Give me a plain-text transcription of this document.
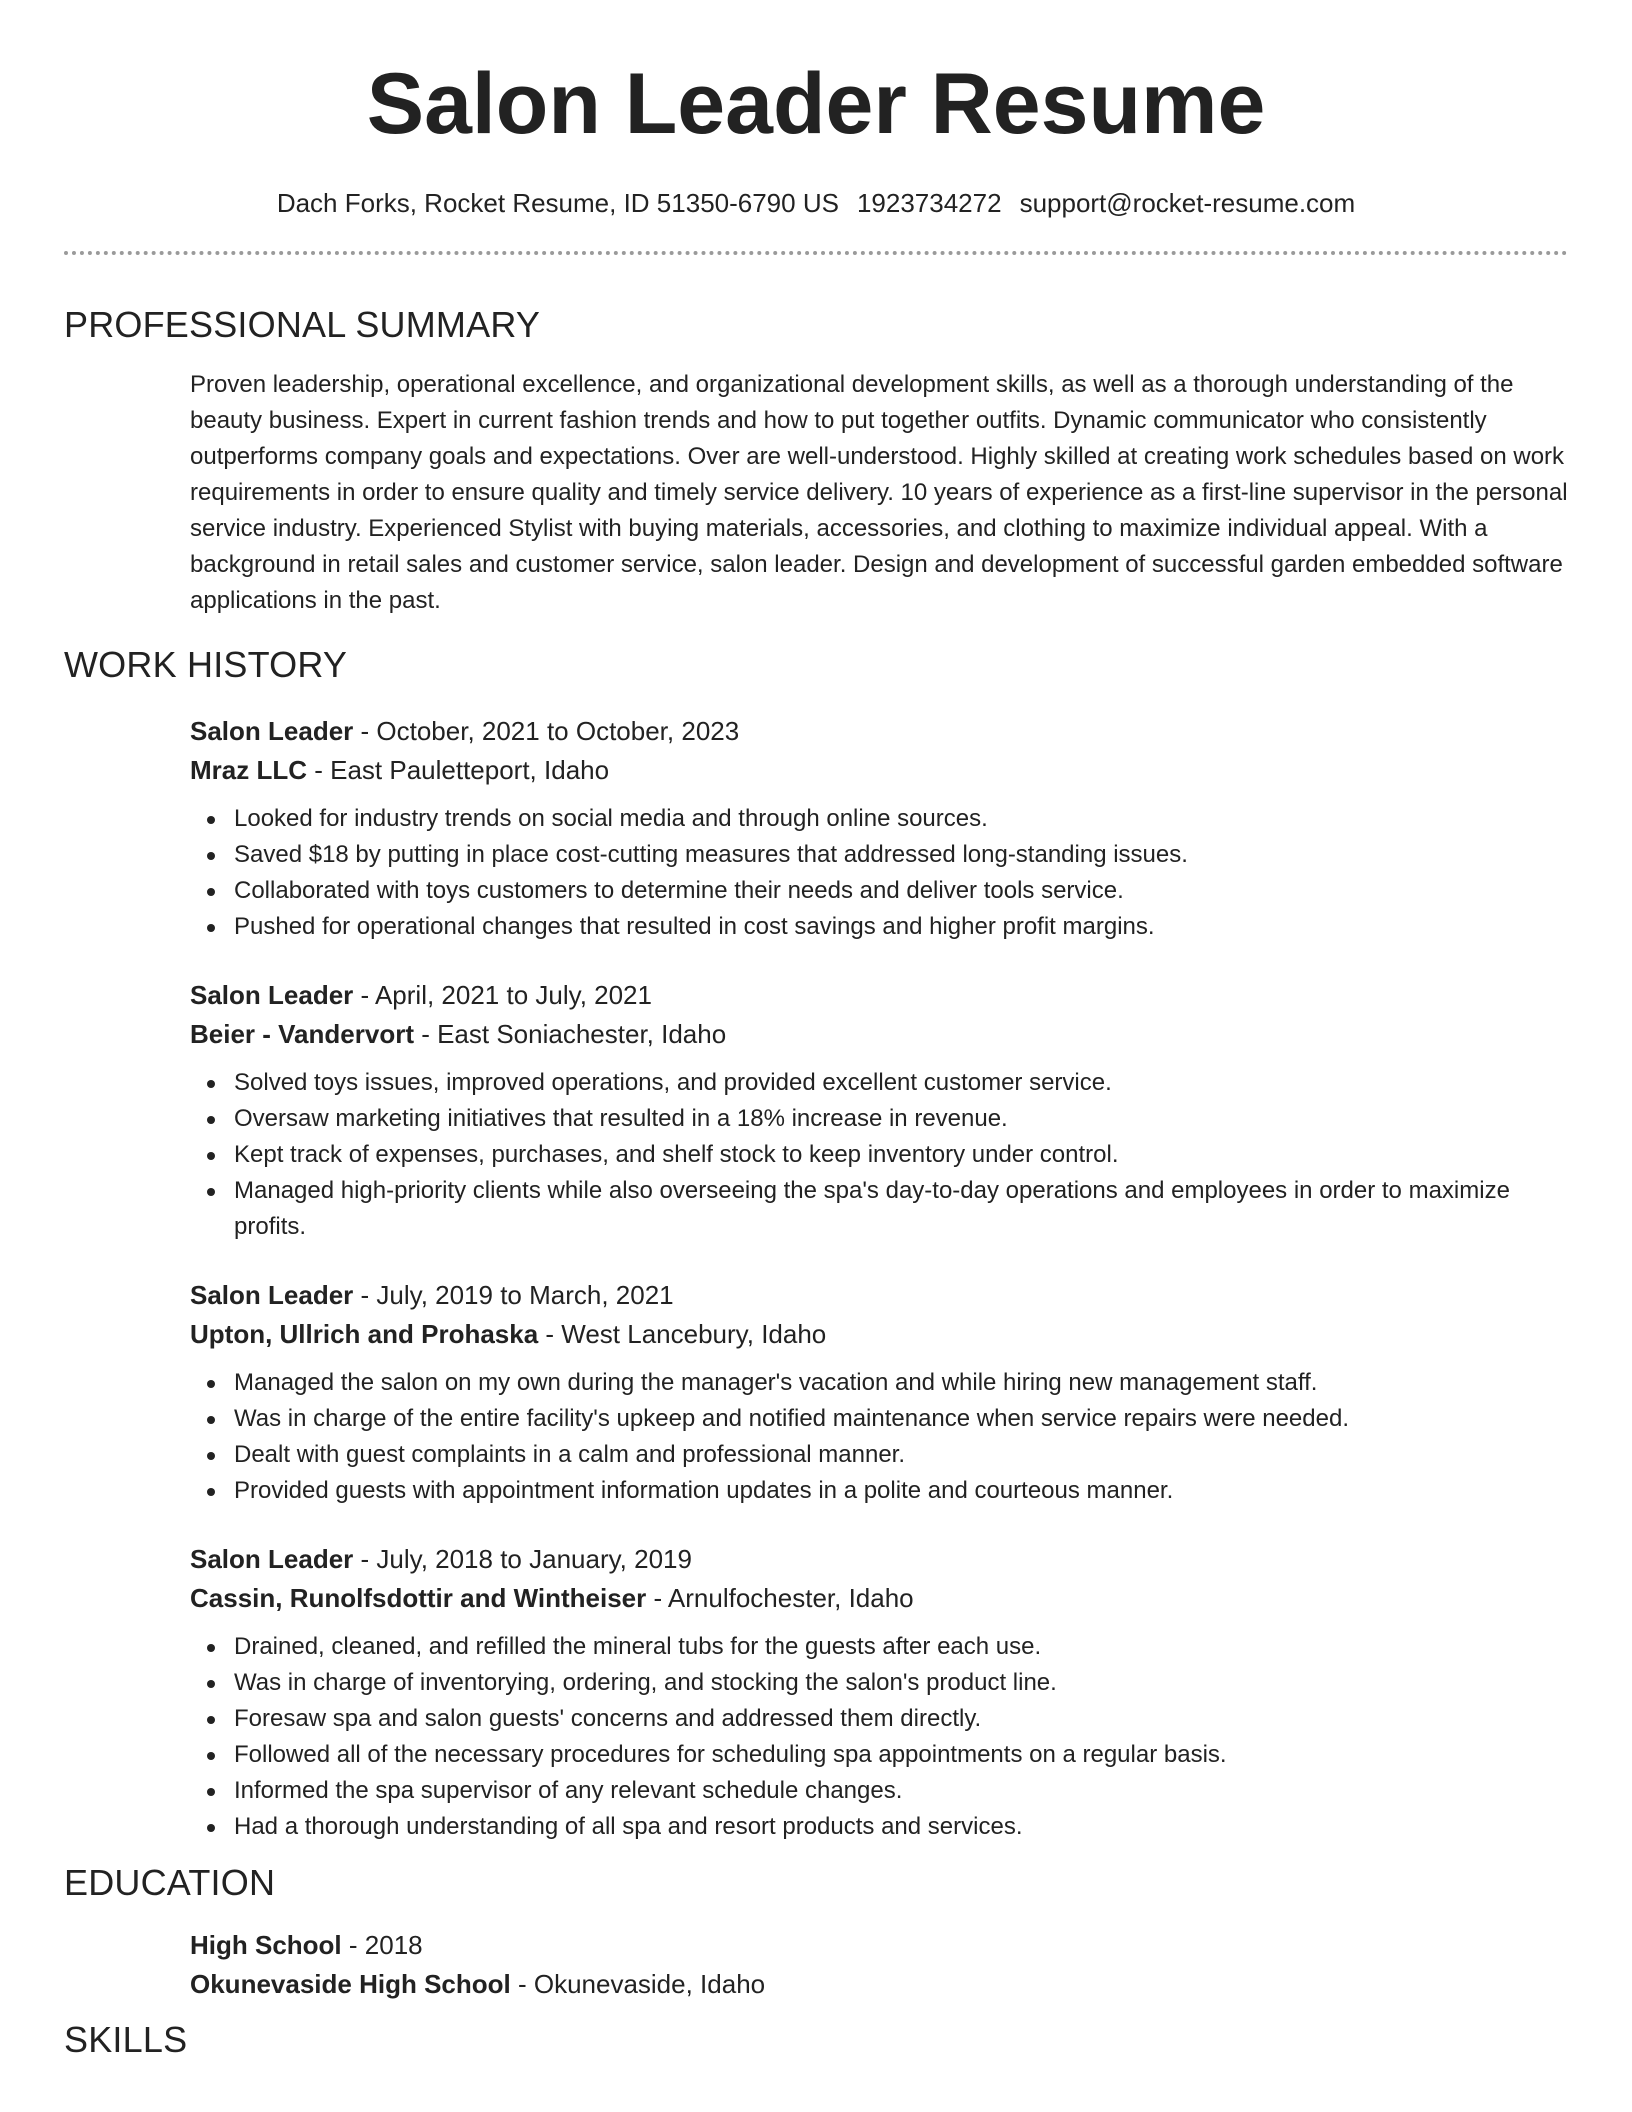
Salon Leader Resume
Dach Forks, Rocket Resume, ID 51350-6790 US 1923734272 support@rocket-resume.com
PROFESSIONAL SUMMARY

Proven leadership, operational excellence, and organizational development skills, as well as a thorough understanding of the beauty business. Expert in current fashion trends and how to put together outfits. Dynamic communicator who consistently outperforms company goals and expectations. Over are well-understood. Highly skilled at creating work schedules based on work requirements in order to ensure quality and timely service delivery. 10 years of experience as a first-line supervisor in the personal service industry. Experienced Stylist with buying materials, accessories, and clothing to maximize individual appeal. With a background in retail sales and customer service, salon leader. Design and development of successful garden embedded software applications in the past.

WORK HISTORY
Salon Leader - October, 2021 to October, 2023
Mraz LLC - East Pauletteport, Idaho
Looked for industry trends on social media and through online sources.
Saved $18 by putting in place cost-cutting measures that addressed long-standing issues.
Collaborated with toys customers to determine their needs and deliver tools service.
Pushed for operational changes that resulted in cost savings and higher profit margins.
Salon Leader - April, 2021 to July, 2021
Beier - Vandervort - East Soniachester, Idaho
Solved toys issues, improved operations, and provided excellent customer service.
Oversaw marketing initiatives that resulted in a 18% increase in revenue.
Kept track of expenses, purchases, and shelf stock to keep inventory under control.
Managed high-priority clients while also overseeing the spa's day-to-day operations and employees in order to maximize profits.
Salon Leader - July, 2019 to March, 2021
Upton, Ullrich and Prohaska - West Lancebury, Idaho
Managed the salon on my own during the manager's vacation and while hiring new management staff.
Was in charge of the entire facility's upkeep and notified maintenance when service repairs were needed.
Dealt with guest complaints in a calm and professional manner.
Provided guests with appointment information updates in a polite and courteous manner.
Salon Leader - July, 2018 to January, 2019
Cassin, Runolfsdottir and Wintheiser - Arnulfochester, Idaho
Drained, cleaned, and refilled the mineral tubs for the guests after each use.
Was in charge of inventorying, ordering, and stocking the salon's product line.
Foresaw spa and salon guests' concerns and addressed them directly.
Followed all of the necessary procedures for scheduling spa appointments on a regular basis.
Informed the spa supervisor of any relevant schedule changes.
Had a thorough understanding of all spa and resort products and services.
EDUCATION
High School - 2018
Okunevaside High School - Okunevaside, Idaho
SKILLS
